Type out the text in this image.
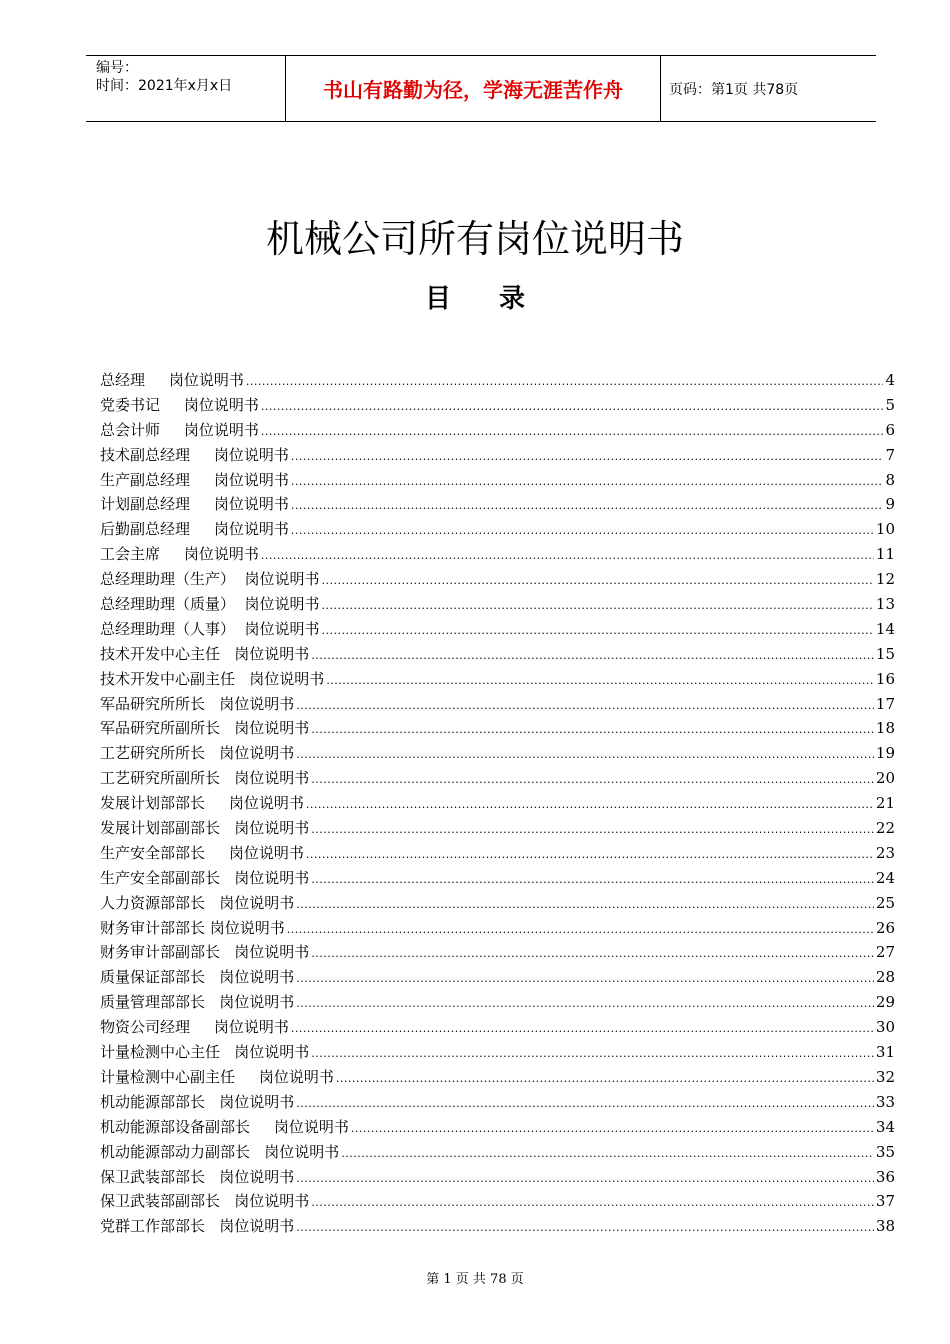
编号：
时间：2021年x月x日	书山有路勤为径，学海无涯苦作舟	页码：第1页 共78页
机械公司所有岗位说明书
目录
总经理     岗位说明书 .....	4
党委书记     岗位说明书 .....	5
总会计师     岗位说明书 .....	6
技术副总经理     岗位说明书 .....	7
生产副总经理     岗位说明书 .....	8
计划副总经理     岗位说明书 .....	9
后勤副总经理     岗位说明书 .....	10
工会主席     岗位说明书 .....	11
总经理助理（生产）  岗位说明书 .....	12
总经理助理（质量）  岗位说明书 .....	13
总经理助理（人事）  岗位说明书 .....	14
技术开发中心主任   岗位说明书 .....	15
技术开发中心副主任   岗位说明书 .....	16
军品研究所所长   岗位说明书 .....	17
军品研究所副所长   岗位说明书 .....	18
工艺研究所所长   岗位说明书 .....	19
工艺研究所副所长   岗位说明书 .....	20
发展计划部部长     岗位说明书 .....	21
发展计划部副部长   岗位说明书 .....	22
生产安全部部长     岗位说明书 .....	23
生产安全部副部长   岗位说明书 .....	24
人力资源部部长   岗位说明书 .....	25
财务审计部部长 岗位说明书 .....	26
财务审计部副部长   岗位说明书 .....	27
质量保证部部长   岗位说明书 .....	28
质量管理部部长   岗位说明书 .....	29
物资公司经理     岗位说明书 .....	30
计量检测中心主任   岗位说明书 .....	31
计量检测中心副主任     岗位说明书 .....	32
机动能源部部长   岗位说明书 .....	33
机动能源部设备副部长     岗位说明书 .....	34
机动能源部动力副部长   岗位说明书 .....	35
保卫武装部部长   岗位说明书 .....	36
保卫武装部副部长   岗位说明书 .....	37
党群工作部部长   岗位说明书 .....	38
第 1 页 共 78 页
